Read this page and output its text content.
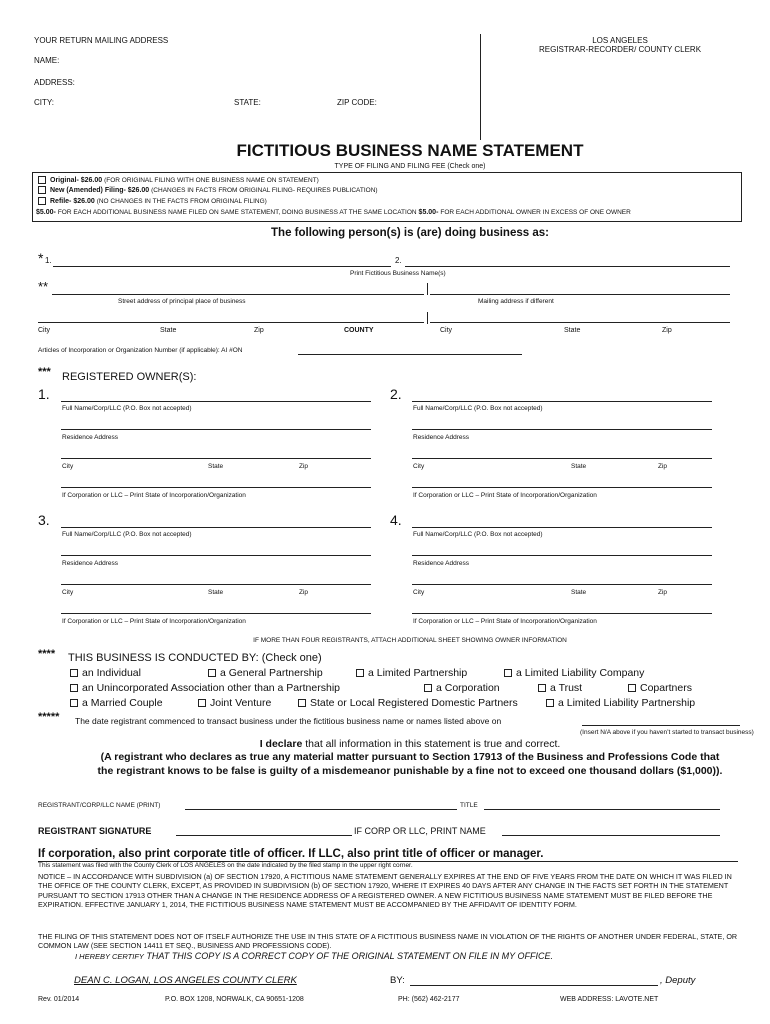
YOUR RETURN MAILING ADDRESS
NAME:
ADDRESS:
CITY:	STATE:	ZIP CODE:
LOS ANGELES
REGISTRAR-RECORDER/ COUNTY CLERK
FICTITIOUS BUSINESS NAME STATEMENT
TYPE OF FILING AND FILING FEE (Check one)
Original- $26.00 (FOR ORIGINAL FILING WITH ONE BUSINESS NAME ON STATEMENT)
New (Amended) Filing- $26.00 (CHANGES IN FACTS FROM ORIGINAL FILING- REQUIRES PUBLICATION)
Refile- $26.00 (NO CHANGES IN THE FACTS FROM ORIGINAL FILING)
$5.00- FOR EACH ADDITIONAL BUSINESS NAME FILED ON SAME STATEMENT, DOING BUSINESS AT THE SAME LOCATION $5.00- FOR EACH ADDITIONAL OWNER IN EXCESS OF ONE OWNER
The following person(s) is (are) doing business as:
* 1.	2.
Print Fictitious Business Name(s)
**
Street address of principal place of business	Mailing address if different
City	State	Zip	COUNTY	City	State	Zip
Articles of Incorporation or Organization Number (if applicable): AI #ON
*** REGISTERED OWNER(S):
1.
Full Name/Corp/LLC (P.O. Box not accepted)
Residence Address
City	State	Zip
If Corporation or LLC – Print State of Incorporation/Organization
2.
Full Name/Corp/LLC (P.O. Box not accepted)
Residence Address
City	State	Zip
If Corporation or LLC – Print State of Incorporation/Organization
3.
Full Name/Corp/LLC (P.O. Box not accepted)
Residence Address
City	State	Zip
If Corporation or LLC – Print State of Incorporation/Organization
4.
Full Name/Corp/LLC (P.O. Box not accepted)
Residence Address
City	State	Zip
If Corporation or LLC – Print State of Incorporation/Organization
IF MORE THAN FOUR REGISTRANTS, ATTACH ADDITIONAL SHEET SHOWING OWNER INFORMATION
**** THIS BUSINESS IS CONDUCTED BY: (Check one)
an Individual	a General Partnership	a Limited Partnership	a Limited Liability Company
an Unincorporated Association other than a Partnership	a Corporation	a Trust	Copartners
a Married Couple	Joint Venture	State or Local Registered Domestic Partners	a Limited Liability Partnership
***** The date registrant commenced to transact business under the fictitious business name or names listed above on
(Insert N/A above if you haven’t started to transact business)
I declare that all information in this statement is true and correct.
(A registrant who declares as true any material matter pursuant to Section 17913 of the Business and Professions Code that
the registrant knows to be false is guilty of a misdemeanor punishable by a fine not to exceed one thousand dollars ($1,000)).
REGISTRANT/CORP/LLC NAME (PRINT)	TITLE
REGISTRANT SIGNATURE	IF CORP OR LLC, PRINT NAME
If corporation, also print corporate title of officer. If LLC, also print title of officer or manager.
This statement was filed with the County Clerk of LOS ANGELES on the date indicated by the filed stamp in the upper right corner.
NOTICE – IN ACCORDANCE WITH SUBDIVISION (a) OF SECTION 17920, A FICTITIOUS NAME STATEMENT GENERALLY EXPIRES AT THE END OF FIVE YEARS FROM THE DATE ON WHICH IT WAS FILED IN THE OFFICE OF THE COUNTY CLERK, EXCEPT, AS PROVIDED IN SUBDIVISION (b) OF SECTION 17920, WHERE IT EXPIRES 40 DAYS AFTER ANY CHANGE IN THE FACTS SET FORTH IN THE STATEMENT PURSUANT TO SECTION 17913 OTHER THAN A CHANGE IN THE RESIDENCE ADDRESS OF A REGISTERED OWNER. A NEW FICTITIOUS BUSINESS NAME STATEMENT MUST BE FILED BEFORE THE EXPIRATION. EFFECTIVE JANUARY 1, 2014, THE FICTITIOUS BUSINESS NAME STATEMENT MUST BE ACCOMPANIED BY THE AFFIDAVIT OF IDENTITY FORM.
THE FILING OF THIS STATEMENT DOES NOT OF ITSELF AUTHORIZE THE USE IN THIS STATE OF A FICTITIOUS BUSINESS NAME IN VIOLATION OF THE RIGHTS OF ANOTHER UNDER FEDERAL, STATE, OR COMMON LAW (SEE SECTION 14411 ET SEQ., BUSINESS AND PROFESSIONS CODE).
I HEREBY CERTIFY THAT THIS COPY IS A CORRECT COPY OF THE ORIGINAL STATEMENT ON FILE IN MY OFFICE.
DEAN C. LOGAN, LOS ANGELES COUNTY CLERK	BY:	, Deputy
Rev. 01/2014	P.O. BOX 1208, NORWALK, CA 90651-1208	PH: (562) 462-2177	WEB ADDRESS: LAVOTE.NET
